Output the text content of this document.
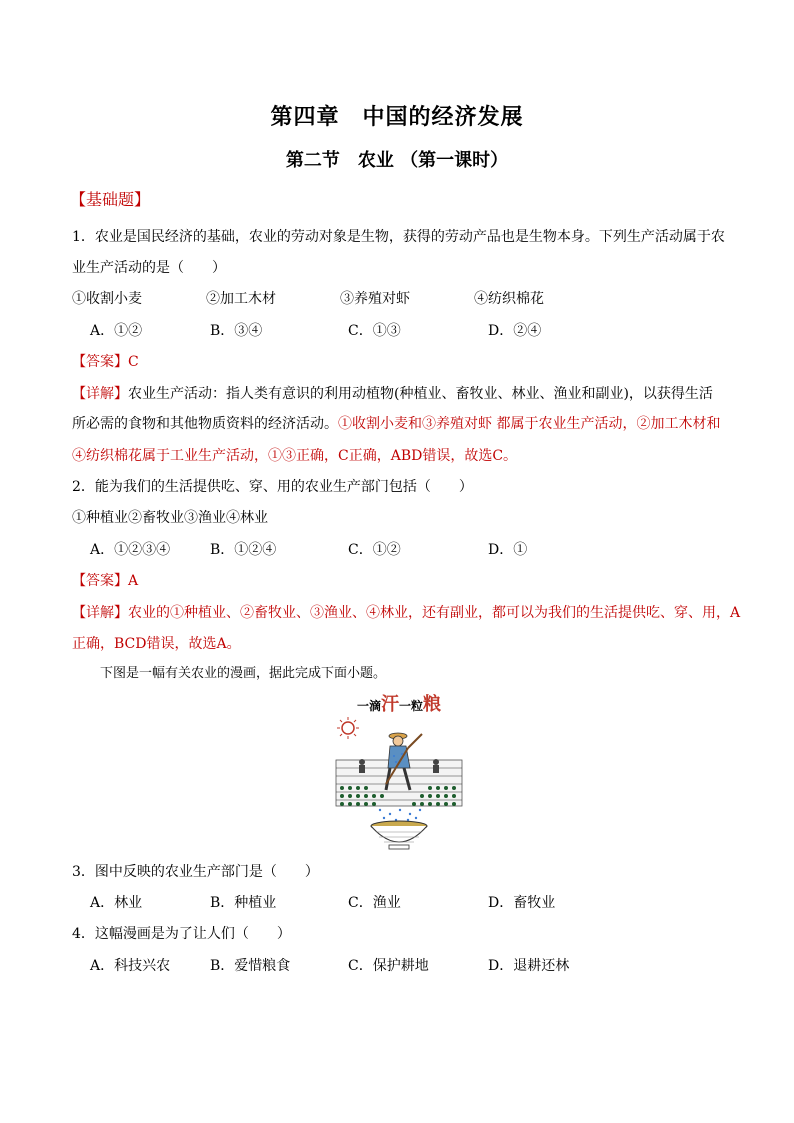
第四章　中国的经济发展
第二节　农业 （第一课时）
【基础题】
1．农业是国民经济的基础，农业的劳动对象是生物，获得的劳动产品也是生物本身。下列生产活动属于农
业生产活动的是（　　）
①收割小麦	②加工木材	③养殖对虾	④纺织棉花
A．①②	B．③④	C．①③	D．②④
【答案】C
【详解】农业生产活动：指人类有意识的利用动植物(种植业、畜牧业、林业、渔业和副业)，以获得生活
所必需的食物和其他物质资料的经济活动。①收割小麦和③养殖对虾 都属于农业生产活动，②加工木材和
④纺织棉花属于工业生产活动，①③正确，C正确，ABD错误，故选C。
2．能为我们的生活提供吃、穿、用的农业生产部门包括（　　）
①种植业②畜牧业③渔业④林业
A．①②③④	B．①②④	C．①②	D．①
【答案】A
【详解】农业的①种植业、②畜牧业、③渔业、④林业，还有副业，都可以为我们的生活提供吃、穿、用，A
正确，BCD错误，故选A。
下图是一幅有关农业的漫画，据此完成下面小题。
一滴汗一粒粮
3．图中反映的农业生产部门是（　　）
A．林业	B．种植业	C．渔业	D．畜牧业
4．这幅漫画是为了让人们（　　）
A．科技兴农	B．爱惜粮食	C．保护耕地	D．退耕还林
